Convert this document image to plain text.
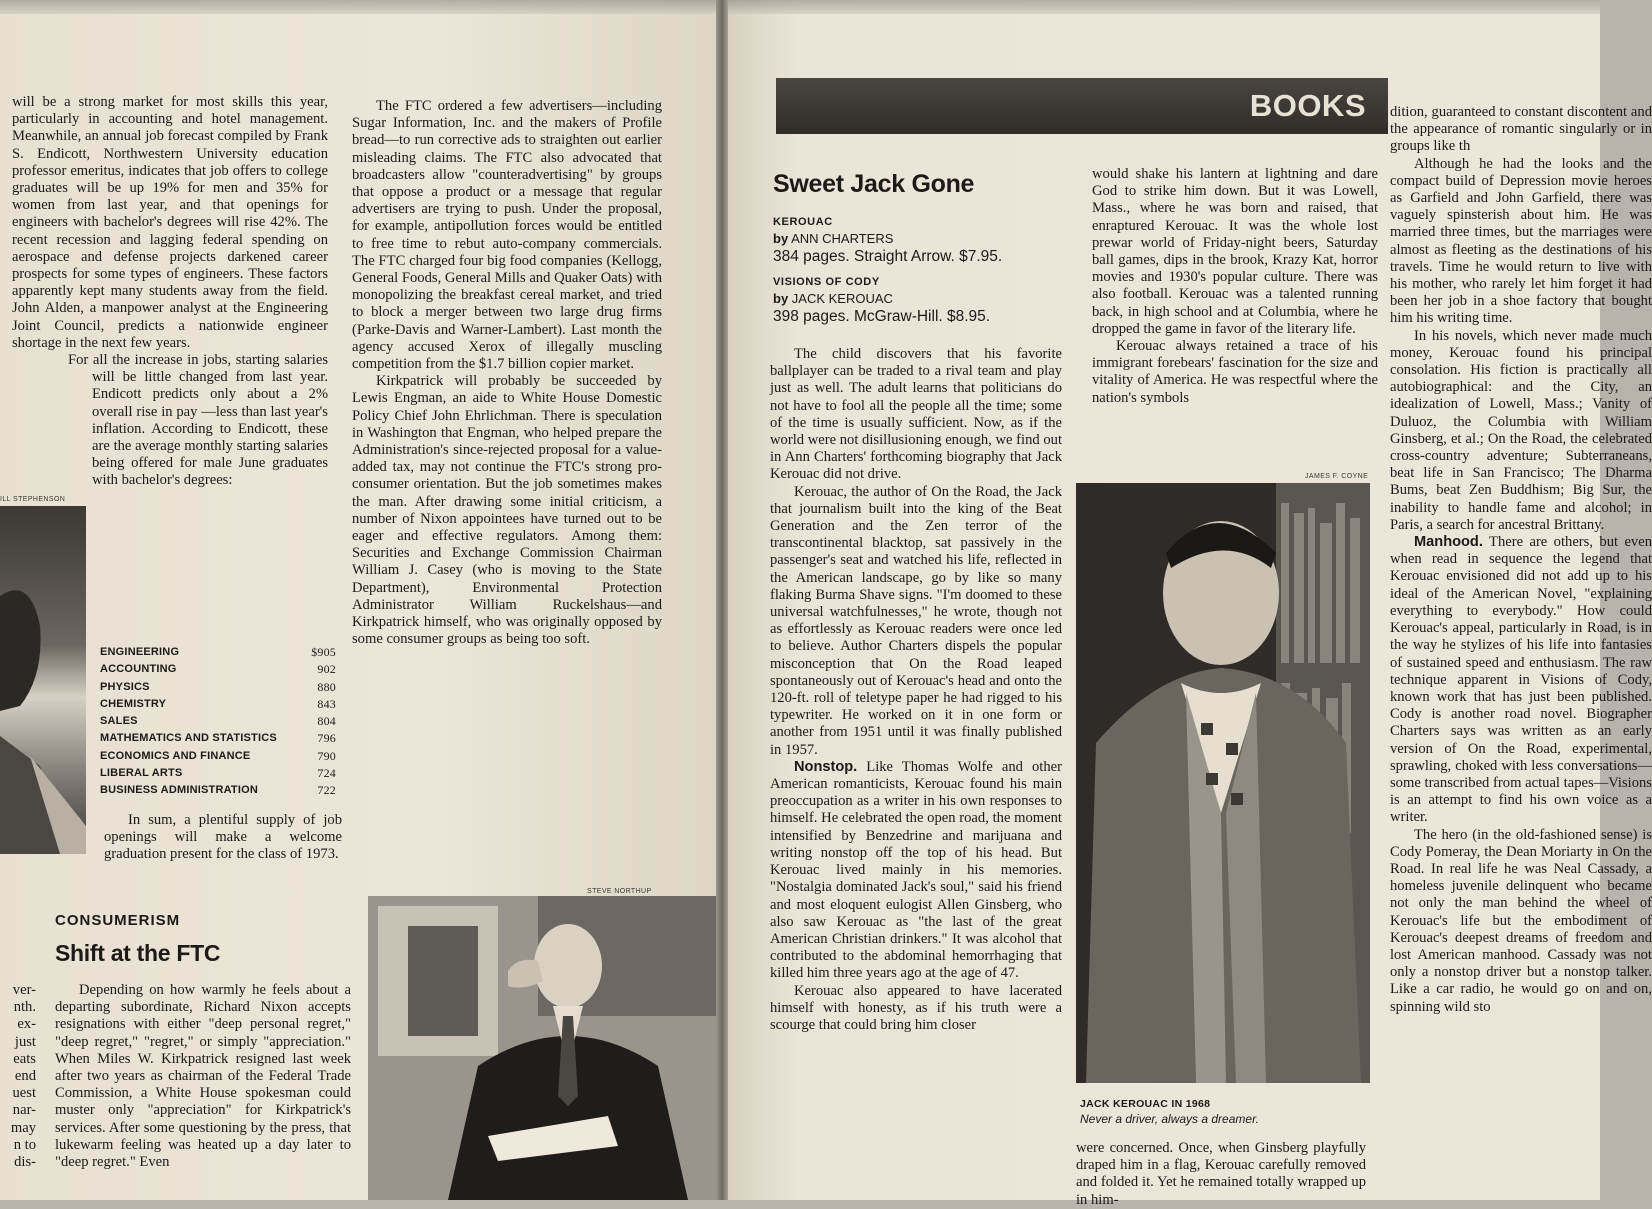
will be a strong market for most skills this year, particularly in accounting and hotel management. Meanwhile, an annual job forecast compiled by Frank S. Endicott, Northwestern University education professor emeritus, indicates that job offers to college graduates will be up 19% for men and 35% for women from last year, and that openings for engineers with bachelor's degrees will rise 42%. The recent recession and lagging federal spending on aerospace and defense projects darkened career prospects for some types of engineers. These factors apparently kept many students away from the field. John Alden, a manpower analyst at the Engineering Joint Council, predicts a nationwide engineer shortage in the next few years.

For all the increase in jobs, starting salaries will be little changed from last year. Endicott predicts only about a 2% overall rise in pay —less than last year's inflation. According to Endicott, these are the average monthly starting salaries being offered for male June graduates with bachelor's degrees:

ILL STEPHENSON
ENGINEERING	$905
ACCOUNTING	902
PHYSICS	880
CHEMISTRY	843
SALES	804
MATHEMATICS AND STATISTICS	796
ECONOMICS AND FINANCE	790
LIBERAL ARTS	724
BUSINESS ADMINISTRATION	722

In sum, a plentiful supply of job openings will make a welcome graduation present for the class of 1973.

CONSUMERISM
Shift at the FTC

Depending on how warmly he feels about a departing subordinate, Richard Nixon accepts resignations with either "deep personal regret," "deep regret," "regret," or simply "appreciation." When Miles W. Kirkpatrick resigned last week after two years as chairman of the Federal Trade Commission, a White House spokesman could muster only "appreciation" for Kirkpatrick's services. After some questioning by the press, that lukewarm feeling was heated up a day later to "deep regret." Even

ver-
nth.
ex-
just
eats
end
uest
nar-
may
n to
dis-

The FTC ordered a few advertisers—including Sugar Information, Inc. and the makers of Profile bread—to run corrective ads to straighten out earlier misleading claims. The FTC also advocated that broadcasters allow "counteradvertising" by groups that oppose a product or a message that regular advertisers are trying to push. Under the proposal, for example, antipollution forces would be entitled to free time to rebut auto-company commercials. The FTC charged four big food companies (Kellogg, General Foods, General Mills and Quaker Oats) with monopolizing the breakfast cereal market, and tried to block a merger between two large drug firms (Parke-Davis and Warner-Lambert). Last month the agency accused Xerox of illegally muscling competition from the $1.7 billion copier market.

Kirkpatrick will probably be succeeded by Lewis Engman, an aide to White House Domestic Policy Chief John Ehrlichman. There is speculation in Washington that Engman, who helped prepare the Administration's since-rejected proposal for a value-added tax, may not continue the FTC's strong pro-consumer orientation. But the job sometimes makes the man. After drawing some initial criticism, a number of Nixon appointees have turned out to be eager and effective regulators. Among them: Securities and Exchange Commission Chairman William J. Casey (who is moving to the State Department), Environmental Protection Administrator William Ruckelshaus—and Kirkpatrick himself, who was originally opposed by some consumer groups as being too soft.

STEVE NORTHUP
BOOKS
Sweet Jack Gone
KEROUAC
by ANN CHARTERS
384 pages. Straight Arrow. $7.95.
VISIONS OF CODY
by JACK KEROUAC
398 pages. McGraw-Hill. $8.95.

The child discovers that his favorite ballplayer can be traded to a rival team and play just as well. The adult learns that politicians do not have to fool all the people all the time; some of the time is usually sufficient. Now, as if the world were not disillusioning enough, we find out in Ann Charters' forthcoming biography that Jack Kerouac did not drive.

Kerouac, the author of On the Road, the Jack that journalism built into the king of the Beat Generation and the Zen terror of the transcontinental blacktop, sat passively in the passenger's seat and watched his life, reflected in the American landscape, go by like so many flaking Burma Shave signs. "I'm doomed to these universal watchfulnesses," he wrote, though not as effortlessly as Kerouac readers were once led to believe. Author Charters dispels the popular misconception that On the Road leaped spontaneously out of Kerouac's head and onto the 120-ft. roll of teletype paper he had rigged to his typewriter. He worked on it in one form or another from 1951 until it was finally published in 1957.

Nonstop. Like Thomas Wolfe and other American romanticists, Kerouac found his main preoccupation as a writer in his own responses to himself. He celebrated the open road, the moment intensified by Benzedrine and marijuana and writing nonstop off the top of his head. But Kerouac lived mainly in his memories. "Nostalgia dominated Jack's soul," said his friend and most eloquent eulogist Allen Ginsberg, who also saw Kerouac as "the last of the great American Christian drinkers." It was alcohol that contributed to the abdominal hemorrhaging that killed him three years ago at the age of 47.

Kerouac also appeared to have lacerated himself with honesty, as if his truth were a scourge that could bring him closer

would shake his lantern at lightning and dare God to strike him down. But it was Lowell, Mass., where he was born and raised, that enraptured Kerouac. It was the whole lost prewar world of Friday-night beers, Saturday ball games, dips in the brook, Krazy Kat, horror movies and 1930's popular culture. There was also football. Kerouac was a talented running back, in high school and at Columbia, where he dropped the game in favor of the literary life.

Kerouac always retained a trace of his immigrant forebears' fascination for the size and vitality of America. He was respectful where the nation's symbols

JAMES F. COYNE
JACK KEROUAC IN 1968
Never a driver, always a dreamer.

were concerned. Once, when Ginsberg playfully draped him in a flag, Kerouac carefully removed and folded it. Yet he remained totally wrapped up in him-

dition, guaranteed to constant discontent and the appearance of romantic singularly or in groups like th

Although he had the looks and the compact build of Depression movie heroes as Garfield and John Garfield, there was vaguely spinsterish about him. He was married three times, but the marriages were almost as fleeting as the destinations of his travels. Time he would return to live with his mother, who rarely let him forget it had been her job in a shoe factory that bought him his writing time.

In his novels, which never made much money, Kerouac found his principal consolation. His fiction is practically all autobiographical: and the City, an idealization of Lowell, Mass.; Vanity of Duluoz, the Columbia with William Ginsberg, et al.; On the Road, the celebrated cross-country adventure; Subterraneans, beat life in San Francisco; The Dharma Bums, beat Zen Buddhism; Big Sur, the inability to handle fame and alcohol; in Paris, a search for ancestral Brittany.

Manhood. There are others, but even when read in sequence the legend that Kerouac envisioned did not add up to his ideal of the American Novel, "explaining everything to everybody." How could Kerouac's appeal, particularly in Road, is in the way he stylizes of his life into fantasies of sustained speed and enthusiasm. The raw technique apparent in Visions of Cody, known work that has just been published. Cody is another road novel. Biographer Charters says was written as an early version of On the Road, experimental, sprawling, choked with less conversations—some transcribed from actual tapes—Visions is an attempt to find his own voice as a writer.

The hero (in the old-fashioned sense) is Cody Pomeray, the Dean Moriarty in On the Road. In real life he was Neal Cassady, a homeless juvenile delinquent who became not only the man behind the wheel of Kerouac's life but the embodiment of Kerouac's deepest dreams of freedom and lost American manhood. Cassady was not only a nonstop driver but a nonstop talker. Like a car radio, he would go on and on, spinning wild sto
